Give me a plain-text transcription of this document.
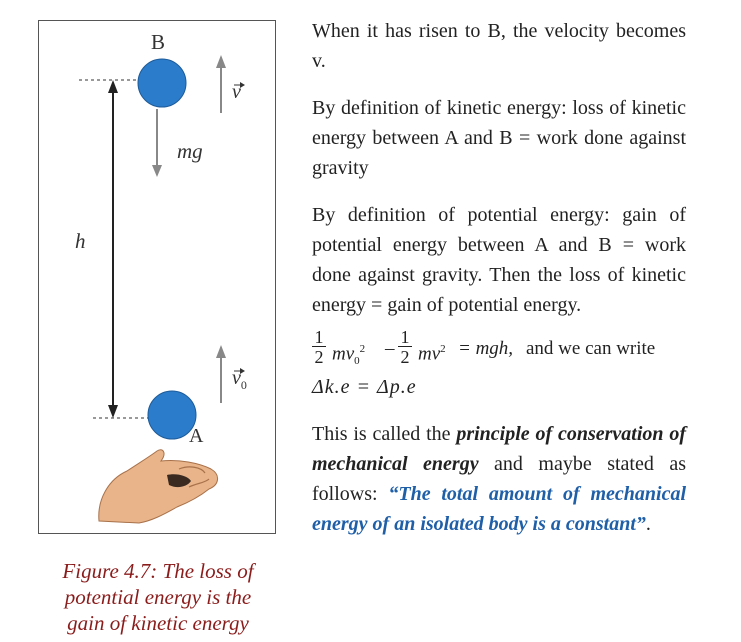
B
A
h
mg
v
$v_0$
Figure 4.7: The loss of
potential energy is the
gain of kinetic energy

When it has risen to B, the velocity becomes v.

By definition of kinetic energy: loss of kinetic energy between A and B = work done against gravity

By definition of potential energy: gain of potential energy between A and B = work done against gravity. Then the loss of kinetic energy = gain of potential energy.

$\frac{1}{2} mv_0^2 - \frac{1}{2} mv^2$ = mgh, and we can write

Δk.e = Δp.e

This is called the principle of conservation of mechanical energy and maybe stated as follows: “The total amount of mechanical energy of an isolated body is a constant”.
